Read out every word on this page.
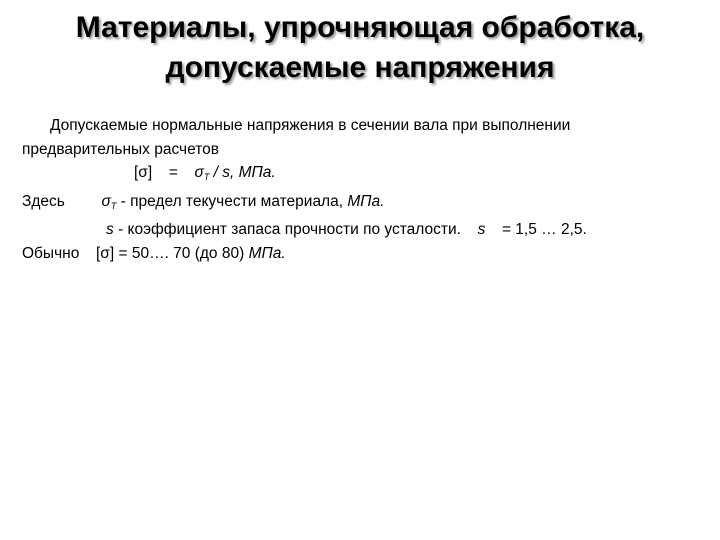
Материалы, упрочняющая обработка,
допускаемые напряжения
Допускаемые нормальные напряжения в сечении вала при выполнении
предварительных расчетов
$[\sigma] = \sigma_T / s$, МПа.
Здесь $\sigma_T$ - предел текучести материала, МПа.
s - коэффициент запаса прочности по усталости. s = 1,5 … 2,5.
Обычно [σ] = 50…. 70 (до 80) МПа.
